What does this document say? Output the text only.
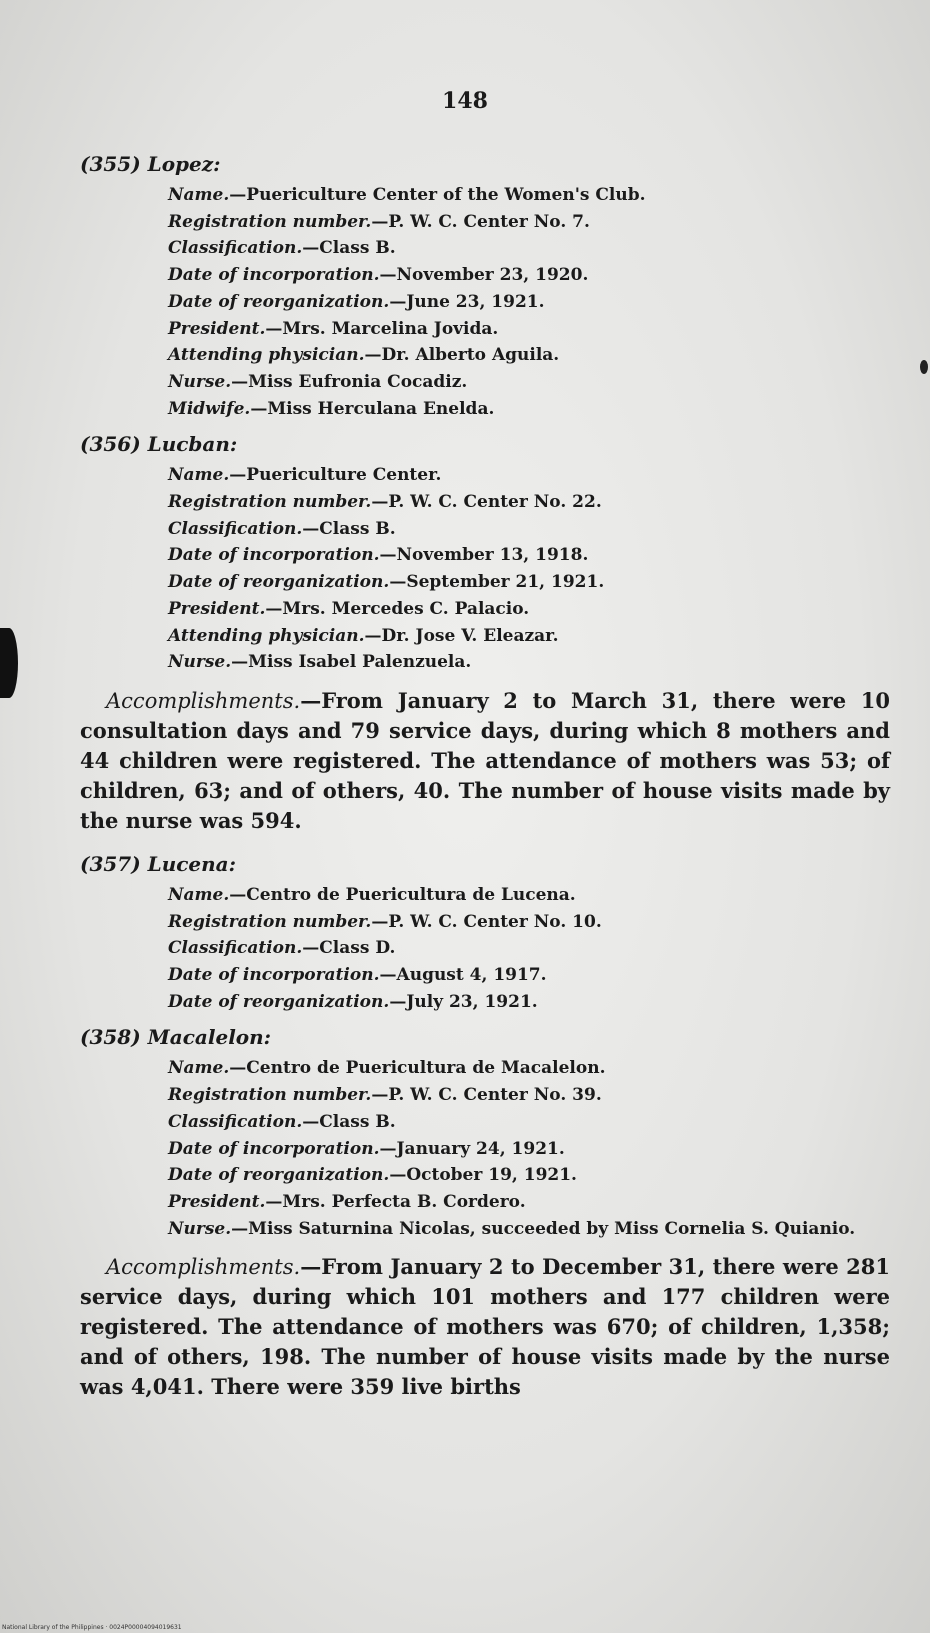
148
(355) Lopez:
Name.—Puericulture Center of the Women's Club.
Registration number.—P. W. C. Center No. 7.
Classification.—Class B.
Date of incorporation.—November 23, 1920.
Date of reorganization.—June 23, 1921.
President.—Mrs. Marcelina Jovida.
Attending physician.—Dr. Alberto Aguila.
Nurse.—Miss Eufronia Cocadiz.
Midwife.—Miss Herculana Enelda.
(356) Lucban:
Name.—Puericulture Center.
Registration number.—P. W. C. Center No. 22.
Classification.—Class B.
Date of incorporation.—November 13, 1918.
Date of reorganization.—September 21, 1921.
President.—Mrs. Mercedes C. Palacio.
Attending physician.—Dr. Jose V. Eleazar.
Nurse.—Miss Isabel Palenzuela.

Accomplishments.—From January 2 to March 31, there were 10 consultation days and 79 service days, during which 8 mothers and 44 children were registered. The attendance of mothers was 53; of children, 63; and of others, 40. The number of house visits made by the nurse was 594.

(357) Lucena:
Name.—Centro de Puericultura de Lucena.
Registration number.—P. W. C. Center No. 10.
Classification.—Class D.
Date of incorporation.—August 4, 1917.
Date of reorganization.—July 23, 1921.
(358) Macalelon:
Name.—Centro de Puericultura de Macalelon.
Registration number.—P. W. C. Center No. 39.
Classification.—Class B.
Date of incorporation.—January 24, 1921.
Date of reorganization.—October 19, 1921.
President.—Mrs. Perfecta B. Cordero.
Nurse.—Miss Saturnina Nicolas, succeeded by Miss Cornelia S. Quianio.

Accomplishments.—From January 2 to December 31, there were 281 service days, during which 101 mothers and 177 children were registered. The attendance of mothers was 670; of children, 1,358; and of others, 198. The number of house visits made by the nurse was 4,041. There were 359 live births

National Library of the Philippines · 0024P00004094019631
